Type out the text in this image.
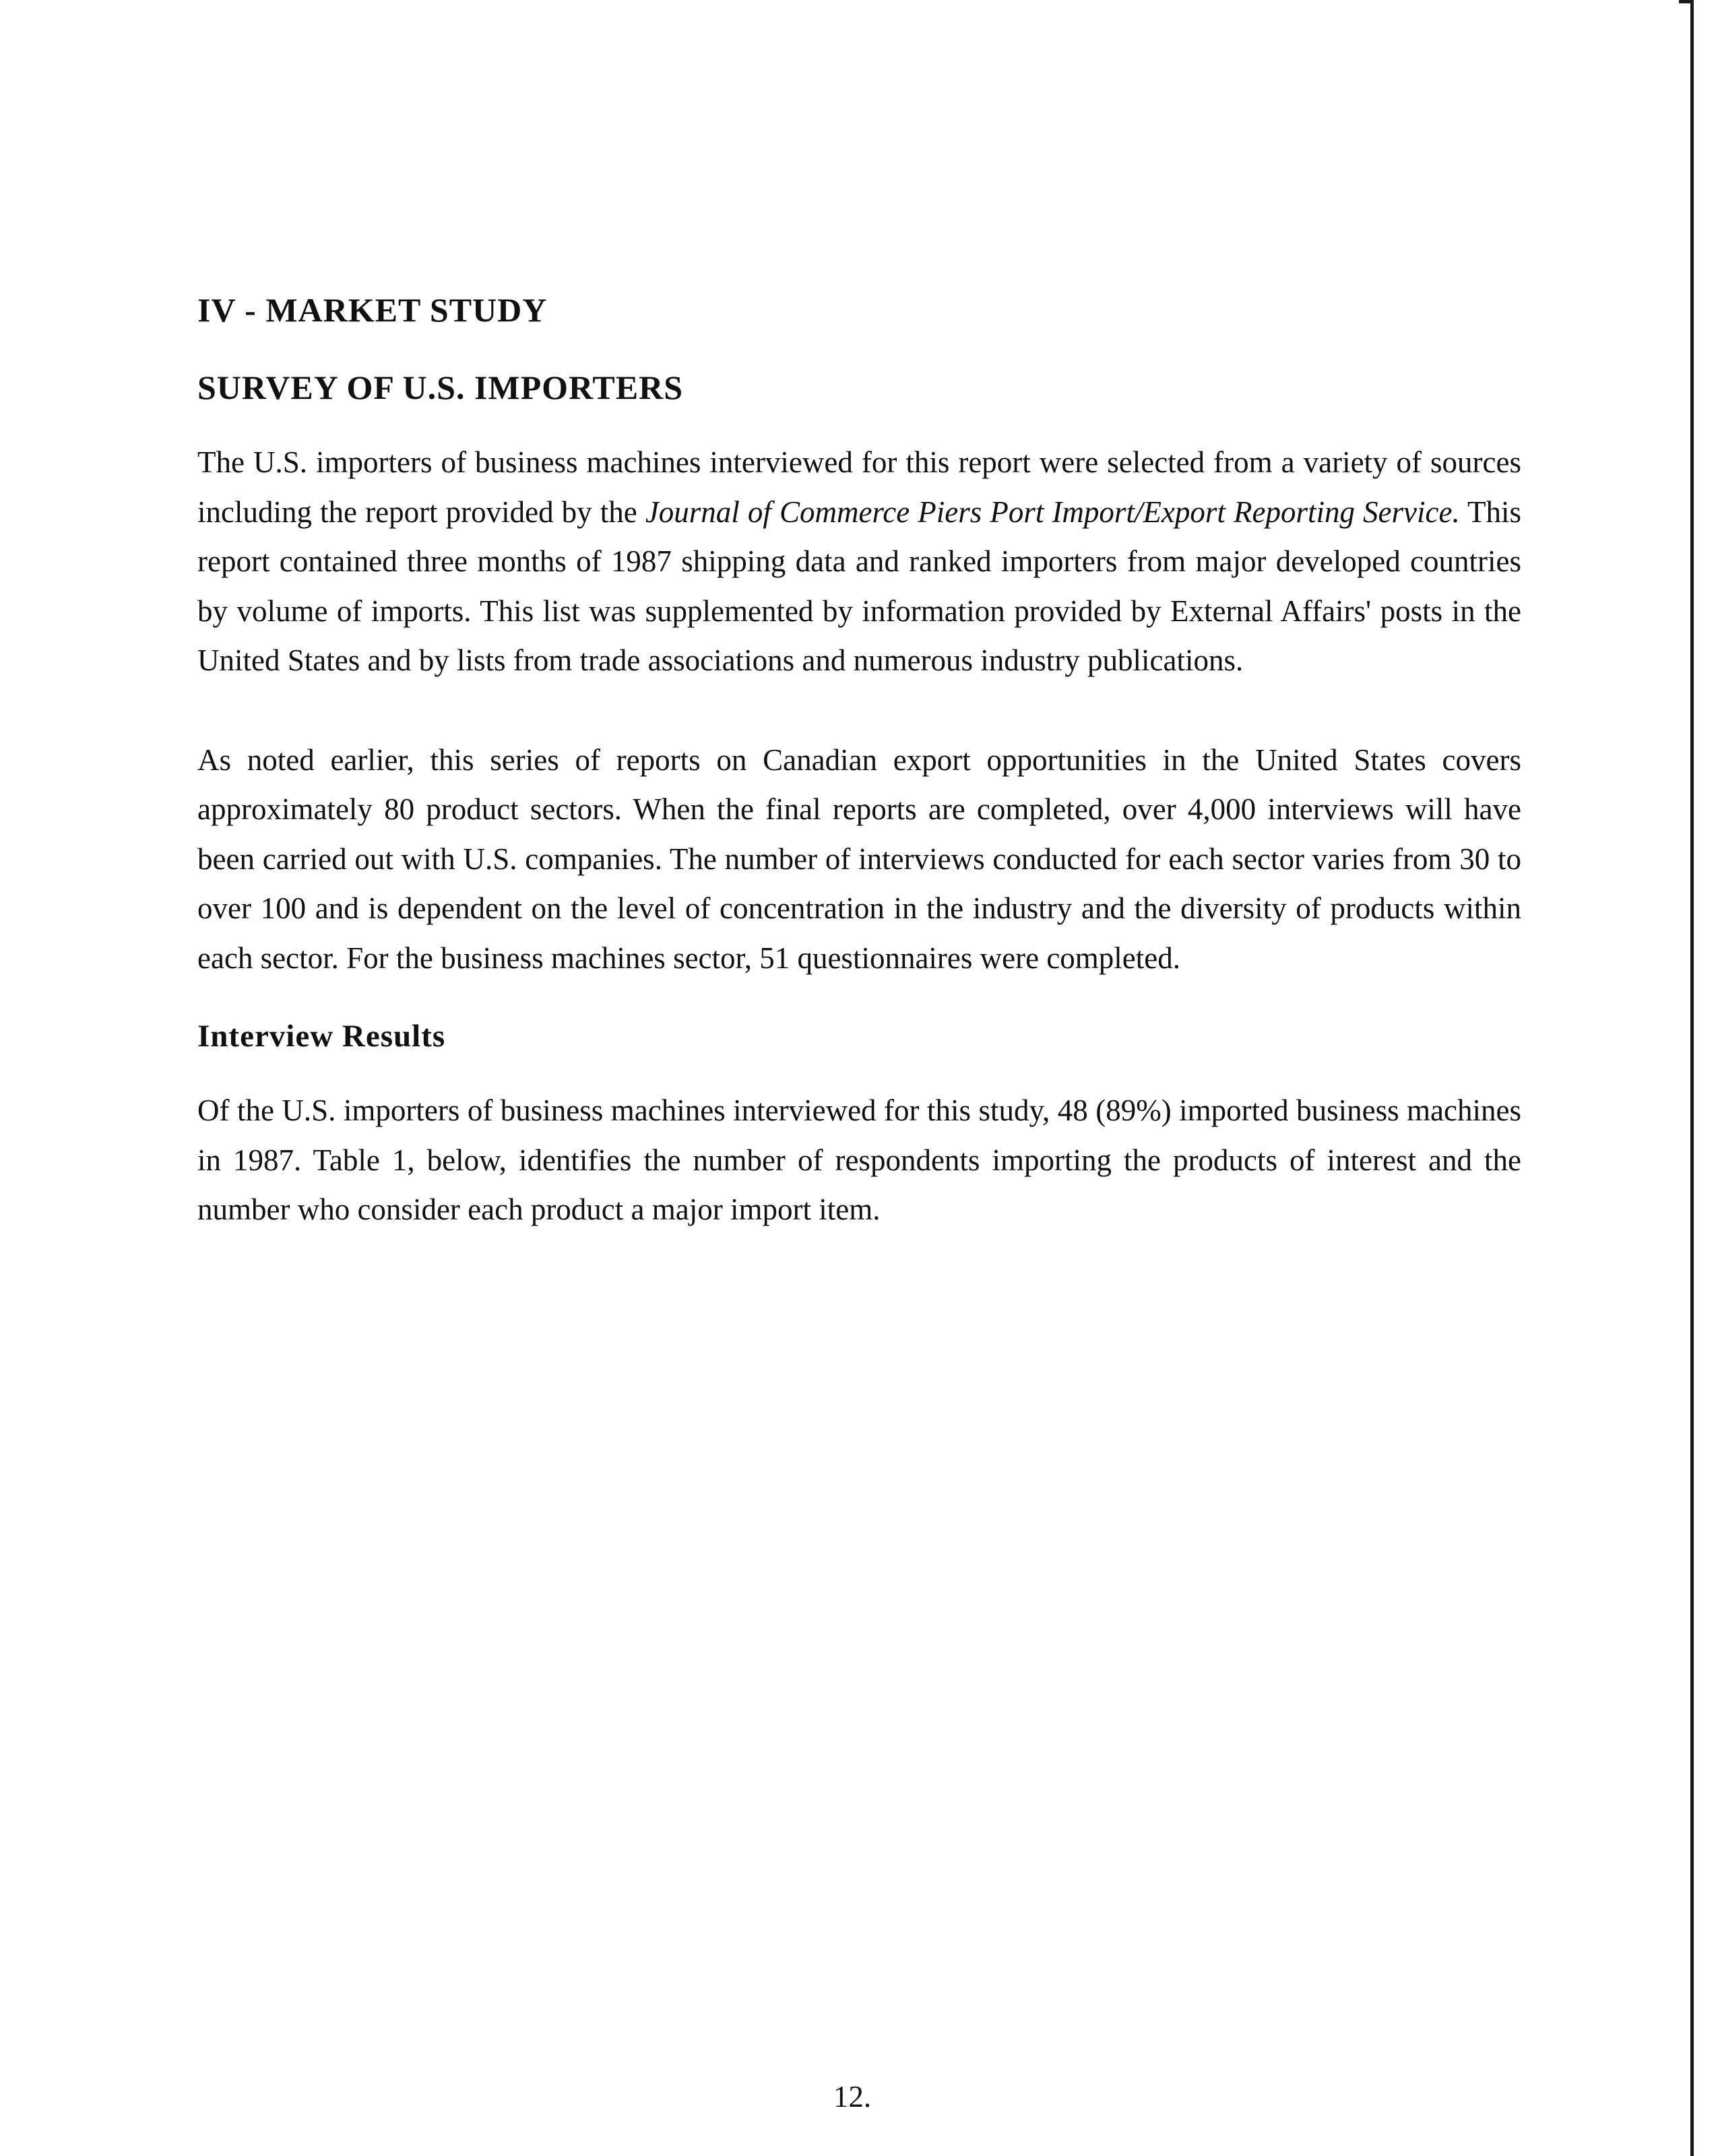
IV - MARKET STUDY
SURVEY OF U.S. IMPORTERS

The U.S. importers of business machines interviewed for this report were selected from a variety of sources including the report provided by the Journal of Commerce Piers Port Import/Export Reporting Service. This report contained three months of 1987 shipping data and ranked importers from major developed countries by volume of imports. This list was supplemented by information provided by External Affairs' posts in the United States and by lists from trade associations and numerous industry publications.

As noted earlier, this series of reports on Canadian export opportunities in the United States covers approximately 80 product sectors. When the final reports are completed, over 4,000 interviews will have been carried out with U.S. companies. The number of interviews conducted for each sector varies from 30 to over 100 and is dependent on the level of concentration in the industry and the diversity of products within each sector. For the business machines sector, 51 questionnaires were completed.

Interview Results

Of the U.S. importers of business machines interviewed for this study, 48 (89%) imported business machines in 1987. Table 1, below, identifies the number of respondents importing the products of interest and the number who consider each product a major import item.

12.
